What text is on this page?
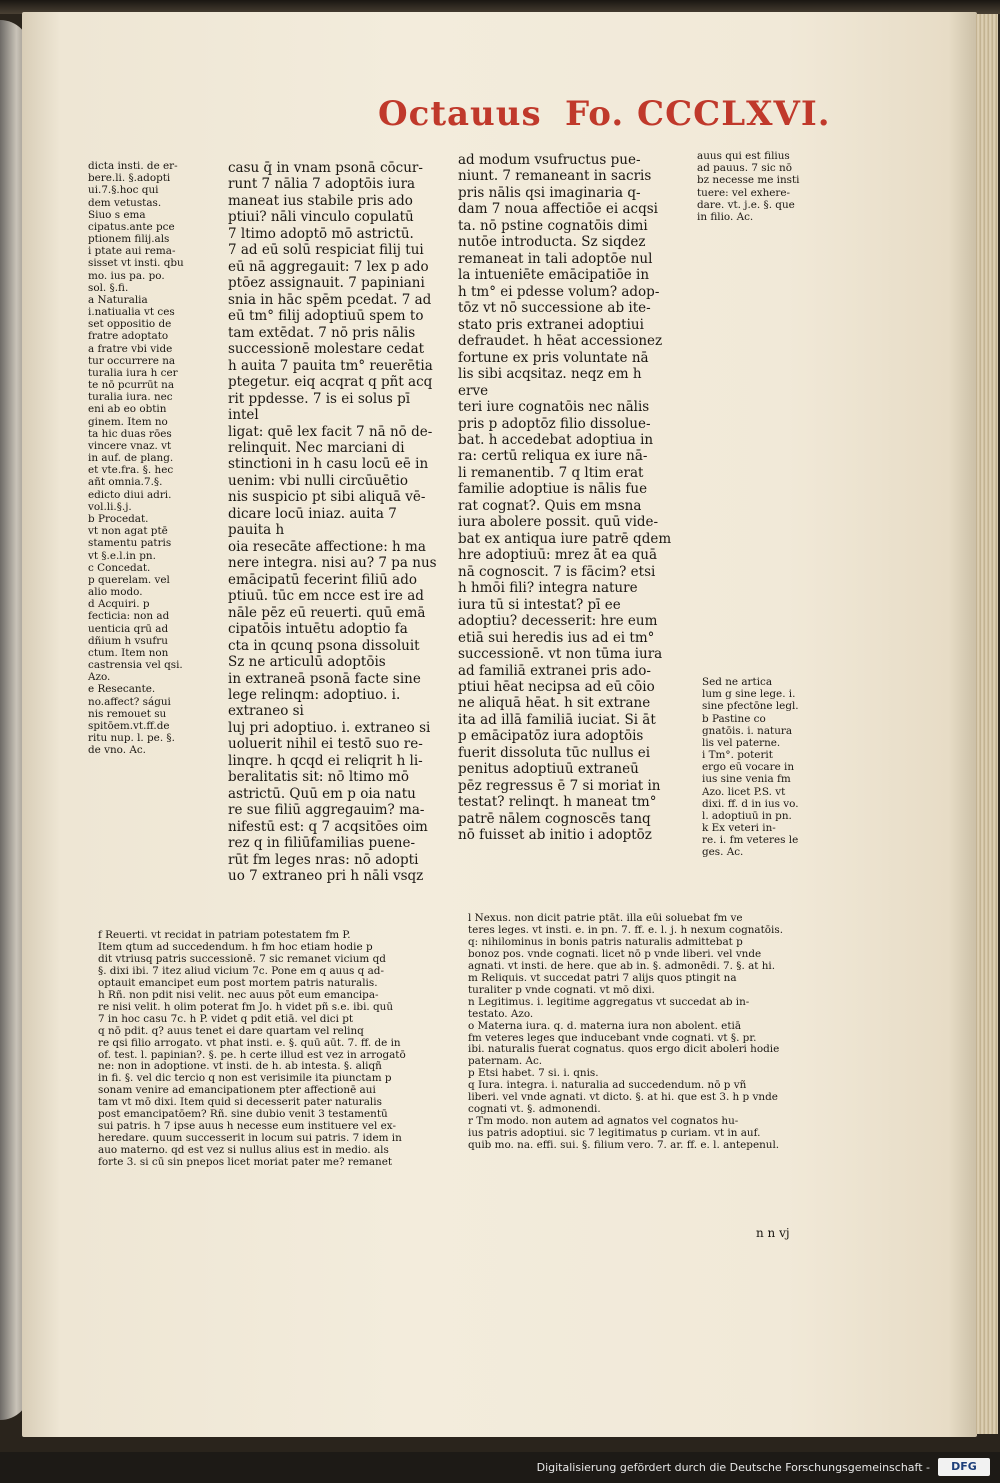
Octauus Fo. CCCLXVI.

dicta insti. de er-

bere.li. §.adopti

ui.7.§.hoc qui

dem vetustas.

Siuo s ema

cipatus.ante pce

ptionem filij.als

i ptate aui rema-

sisset vt insti. qbu

mo. ius pa. po.

sol. §.fi.

a Naturalia

i.natiualia vt ces

set oppositio de

fratre adoptato

a fratre vbi vide

tur occurrere na

turalia iura h cer

te nō pcurrūt na

turalia iura. nec

eni ab eo obtin

ginem. Item no

ta hic duas rōes

vincere vnaz. vt

in auf. de plang.

et vte.fra. §. hec

añt omnia.7.§.

edicto diui adri.

vol.li.§.j.

b Procedat.

vt non agat ptē

stamentu patris

vt §.e.l.in pn.

c Concedat.

p querelam. vel

alio modo.

d Acquiri. p

fecticia: non ad

uenticia qrū ad

dñium h vsufru

ctum. Item non

castrensia vel qsi.

Azo.

e Resecante.

no.affect? ságui

nis remouet su

spitōem.vt.ff.de

ritu nup. l. pe. §.

de vno. Ac.

casu q̄ in vnam psonā cōcur-

runt 7 nālia 7 adoptōis iura

maneat ius stabile pris ado

ptiui? nāli vinculo copulatū

7 ltimo adoptō mō astrictū.

7 ad eū solū respiciat filij tui

eū nā aggregauit: 7 lex p ado

ptōez assignauit. 7 papiniani

snia in hāc spēm pcedat. 7 ad

eū tm° filij adoptiuū spem to

tam extēdat. 7 nō pris nālis

successionē molestare cedat

h auita 7 pauita tm° reuerētia

ptegetur. eiq acqrat q pñt acq

rit ppdesse. 7 is ei solus pī intel

ligat: quē lex facit 7 nā nō de-

relinquit. Nec marciani di

stinctioni in h casu locū eē in

uenim: vbi nulli circūuētio

nis suspicio pt sibi aliquā vē-

dicare locū iniaz. auita 7 pauita h

oia resecāte affectione: h ma

nere integra. nisi au? 7 pa nus

emācipatū fecerint filiū ado

ptiuū. tūc em ncce est ire ad

nāle pēz eū reuerti. quū emā

cipatōis intuētu adoptio fa

cta in qcunq psona dissoluit

Sz ne articulū adoptōis

in extraneā psonā facte sine

lege relinqm: adoptiuo. i. extraneo si

luj pri adoptiuo. i. extraneo si

uoluerit nihil ei testō suo re-

linqre. h qcqd ei reliqrit h li-

beralitatis sit: nō ltimo mō

astrictū. Quū em p oia natu

re sue filiū aggregauim? ma-

nifestū est: q 7 acqsitōes oim

rez q in filiūfamilias puene-

rūt fm leges nras: nō adopti

uo 7 extraneo pri h nāli vsqz

ad modum vsufructus pue-

niunt. 7 remaneant in sacris

pris nālis qsi imaginaria q-

dam 7 noua affectiōe ei acqsi

ta. nō pstine cognatōis dimi

nutōe introducta. Sz siqdez

remaneat in tali adoptōe nul

la intueniēte emācipatiōe in

h tm° ei pdesse volum? adop-

tōz vt nō successione ab ite-

stato pris extranei adoptiui

defraudet. h hēat accessionez

fortune ex pris voluntate nā

lis sibi acqsitaz. neqz em h erve

teri iure cognatōis nec nālis

pris p adoptōz filio dissolue-

bat. h accedebat adoptiua in

ra: certū reliqua ex iure nā-

li remanentib. 7 q ltim erat

familie adoptiue is nālis fue

rat cognat?. Quis em msna

iura abolere possit. quū vide-

bat ex antiqua iure patrē qdem

hre adoptiuū: mrez āt ea quā

nā cognoscit. 7 is fācim? etsi

h hmōi fili? integra nature

iura tū si intestat? pī ee

adoptiu? decesserit: hre eum

etiā sui heredis ius ad ei tm°

successionē. vt non tūma iura

ad familiā extranei pris ado-

ptiui hēat necipsa ad eū cōio

ne aliquā hēat. h sit extrane

ita ad illā familiā iuciat. Si āt

p emācipatōz iura adoptōis

fuerit dissoluta tūc nullus ei

penitus adoptiuū extraneū

pēz regressus ē 7 si moriat in

testat? relinqt. h maneat tm°

patrē nālem cognoscēs tanq

nō fuisset ab initio i adoptōz

auus qui est filius

ad pauus. 7 sic nō

bz necesse me insti

tuere: vel exhere-

dare. vt. j.e. §. que

in filio. Ac.

Sed ne artica

lum g sine lege. i.

sine pfectōne legl.

b Pastine co

gnatōis. i. natura

lis vel paterne.

i Tm°. poterit

ergo eū vocare in

ius sine venia fm

Azo. licet P.S. vt

dixi. ff. d in ius vo.

l. adoptiuū in pn.

k Ex veteri in-

re. i. fm veteres le

ges. Ac.

f Reuerti. vt recidat in patriam potestatem fm P.

Item qtum ad succedendum. h fm hoc etiam hodie p

dit vtriusq patris successionē. 7 sic remanet vicium qd

§. dixi ibi. 7 itez aliud vicium 7c. Pone em q auus q ad-

optauit emancipet eum post mortem patris naturalis.

h Rñ. non pdit nisi velit. nec auus pōt eum emancipa-

re nisi velit. h olim poterat fm Jo. h videt pñ s.e. ibi. quū

7 in hoc casu 7c. h P. videt q pdit etiā. vel dici pt

q nō pdit. q? auus tenet ei dare quartam vel relinq

re qsi filio arrogato. vt phat insti. e. §. quū aūt. 7. ff. de in

of. test. l. papinian?. §. pe. h certe illud est vez in arrogatō

ne: non in adoptione. vt insti. de h. ab intesta. §. aliqñ

in fi. §. vel dic tercio q non est verisimile ita piunctam p

sonam venire ad emancipationem pter affectionē aui

tam vt mō dixi. Item quid si decesserit pater naturalis

post emancipatōem? Rñ. sine dubio venit 3 testamentū

sui patris. h 7 ipse auus h necesse eum instituere vel ex-

heredare. quum successerit in locum sui patris. 7 idem in

auo materno. qd est vez si nullus alius est in medio. als

forte 3. si cū sin pnepos licet moriat pater me? remanet

l Nexus. non dicit patrie ptāt. illa eūi soluebat fm ve

teres leges. vt insti. e. in pn. 7. ff. e. l. j. h nexum cognatōis.

q: nihilominus in bonis patris naturalis admittebat p

bonoz pos. vnde cognati. licet nō p vnde liberi. vel vnde

agnati. vt insti. de here. que ab in. §. admonēdi. 7. §. at hi.

m Reliquis. vt succedat patri 7 alijs quos ptingit na

turaliter p vnde cognati. vt mō dixi.

n Legitimus. i. legitime aggregatus vt succedat ab in-

testato. Azo.

o Materna iura. q. d. materna iura non abolent. etiā

fm veteres leges que inducebant vnde cognati. vt §. pr.

ibi. naturalis fuerat cognatus. quos ergo dicit aboleri hodie

paternam. Ac.

p Etsi habet. 7 si. i. qnis.

q Iura. integra. i. naturalia ad succedendum. nō p vñ

liberi. vel vnde agnati. vt dicto. §. at hi. que est 3. h p vnde

cognati vt. §. admonendi.

r Tm modo. non autem ad agnatos vel cognatos hu-

ius patris adoptiui. sic 7 legitimatus p curiam. vt in auf.

quib mo. na. effi. sui. §. filium vero. 7. ar. ff. e. l. antepenul.

n n vj
Digitalisierung gefördert durch die Deutsche Forschungsgemeinschaft -	DFG
